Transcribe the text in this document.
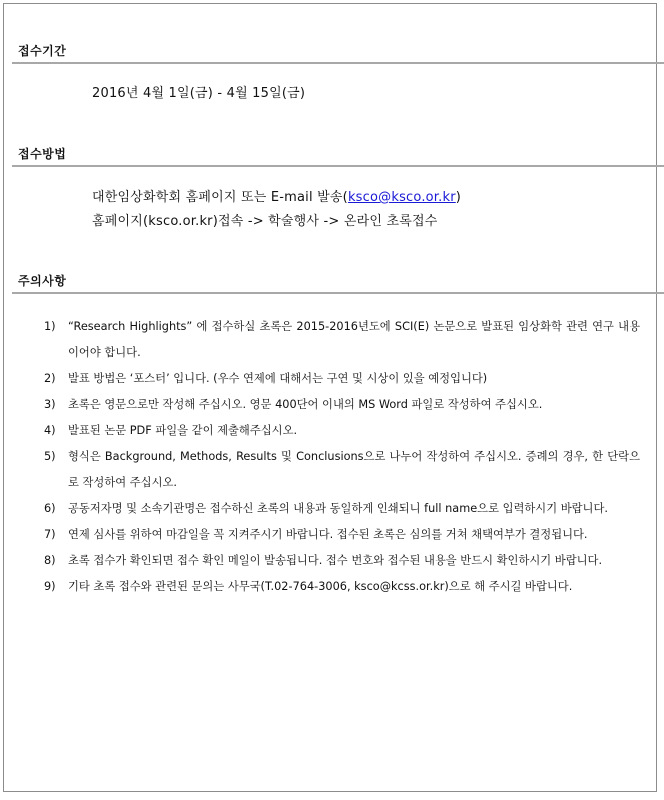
접수기간
2016년 4월 1일(금) - 4월 15일(금)
접수방법
대한임상화학회 홈페이지 또는 E-mail 발송(ksco@ksco.or.kr)
홈페이지(ksco.or.kr)접속 -> 학술행사 -> 온라인 초록접수
주의사항
1)	“Research Highlights” 에 접수하실 초록은 2015-2016년도에 SCI(E) 논문으로 발표된 임상화학 관련 연구 내용이어야 합니다.
2)	발표 방법은 ‘포스터’ 입니다. (우수 연제에 대해서는 구연 및 시상이 있을 예정입니다)
3)	초록은 영문으로만 작성해 주십시오. 영문 400단어 이내의 MS Word 파일로 작성하여 주십시오.
4)	발표된 논문 PDF 파일을 같이 제출해주십시오.
5)	형식은 Background, Methods, Results 및 Conclusions으로 나누어 작성하여 주십시오. 증례의 경우, 한 단락으로 작성하여 주십시오.
6)	공동저자명 및 소속기관명은 접수하신 초록의 내용과 동일하게 인쇄되니 full name으로 입력하시기 바랍니다.
7)	연제 심사를 위하여 마감일을 꼭 지켜주시기 바랍니다. 접수된 초록은 심의를 거쳐 채택여부가 결정됩니다.
8)	초록 접수가 확인되면 접수 확인 메일이 발송됩니다. 접수 번호와 접수된 내용을 반드시 확인하시기 바랍니다.
9)	기타 초록 접수와 관련된 문의는 사무국(T.02-764-3006, ksco@kcss.or.kr)으로 해 주시길 바랍니다.
